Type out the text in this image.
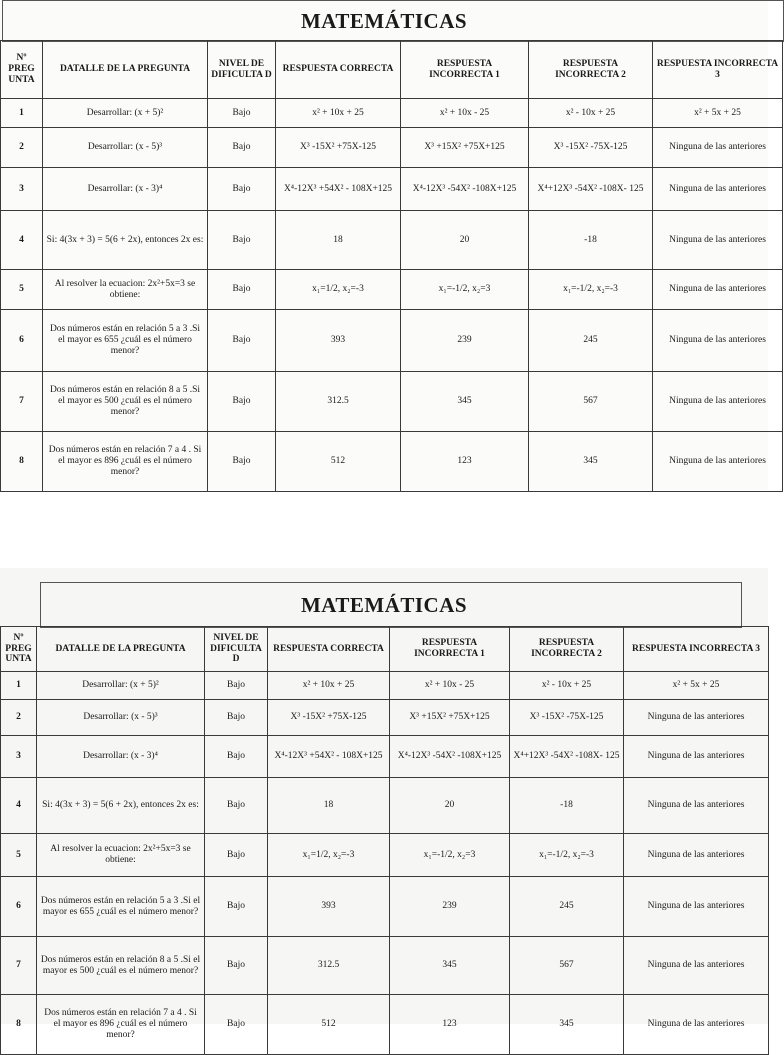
MATEMÁTICAS
Nº PREG UNTA	DATALLE DE LA PREGUNTA	NIVEL DE DIFICULTA D	RESPUESTA CORRECTA	RESPUESTA INCORRECTA 1	RESPUESTA INCORRECTA 2	RESPUESTA INCORRECTA 3
1	Desarrollar: (x + 5)²	Bajo	x² + 10x + 25	x² + 10x - 25	x² - 10x + 25	x² + 5x + 25
2	Desarrollar: (x - 5)³	Bajo	X³ -15X² +75X-125	X³ +15X² +75X+125	X³ -15X² -75X-125	Ninguna de las anteriores
3	Desarrollar: (x - 3)⁴	Bajo	X⁴-12X³ +54X² - 108X+125	X⁴-12X³ -54X² -108X+125	X⁴+12X³ -54X² -108X- 125	Ninguna de las anteriores
4	Si: 4(3x + 3) = 5(6 + 2x), entonces 2x es:	Bajo	18	20	-18	Ninguna de las anteriores
5	Al resolver la ecuacion: 2x²+5x=3 se obtiene:	Bajo	x₁=1/2, x₂=-3	x₁=-1/2, x₂=3	x₁=-1/2, x₂=-3	Ninguna de las anteriores
6	Dos números están en relación 5 a 3 .Si el mayor es 655 ¿cuál es el número menor?	Bajo	393	239	245	Ninguna de las anteriores
7	Dos números están en relación 8 a 5 .Si el mayor es 500 ¿cuál es el número menor?	Bajo	312.5	345	567	Ninguna de las anteriores
8	Dos números están en relación 7 a 4 . Si el mayor es 896 ¿cuál es el número menor?	Bajo	512	123	345	Ninguna de las anteriores
MATEMÁTICAS
Nº PREG UNTA	DATALLE DE LA PREGUNTA	NIVEL DE DIFICULTA D	RESPUESTA CORRECTA	RESPUESTA INCORRECTA 1	RESPUESTA INCORRECTA 2	RESPUESTA INCORRECTA 3
1	Desarrollar: (x + 5)²	Bajo	x² + 10x + 25	x² + 10x - 25	x² - 10x + 25	x² + 5x + 25
2	Desarrollar: (x - 5)³	Bajo	X³ -15X² +75X-125	X³ +15X² +75X+125	X³ -15X² -75X-125	Ninguna de las anteriores
3	Desarrollar: (x - 3)⁴	Bajo	X⁴-12X³ +54X² - 108X+125	X⁴-12X³ -54X² -108X+125	X⁴+12X³ -54X² -108X- 125	Ninguna de las anteriores
4	Si: 4(3x + 3) = 5(6 + 2x), entonces 2x es:	Bajo	18	20	-18	Ninguna de las anteriores
5	Al resolver la ecuacion: 2x²+5x=3 se obtiene:	Bajo	x₁=1/2, x₂=-3	x₁=-1/2, x₂=3	x₁=-1/2, x₂=-3	Ninguna de las anteriores
6	Dos números están en relación 5 a 3 .Si el mayor es 655 ¿cuál es el número menor?	Bajo	393	239	245	Ninguna de las anteriores
7	Dos números están en relación 8 a 5 .Si el mayor es 500 ¿cuál es el número menor?	Bajo	312.5	345	567	Ninguna de las anteriores
8	Dos números están en relación 7 a 4 . Si el mayor es 896 ¿cuál es el número menor?	Bajo	512	123	345	Ninguna de las anteriores
